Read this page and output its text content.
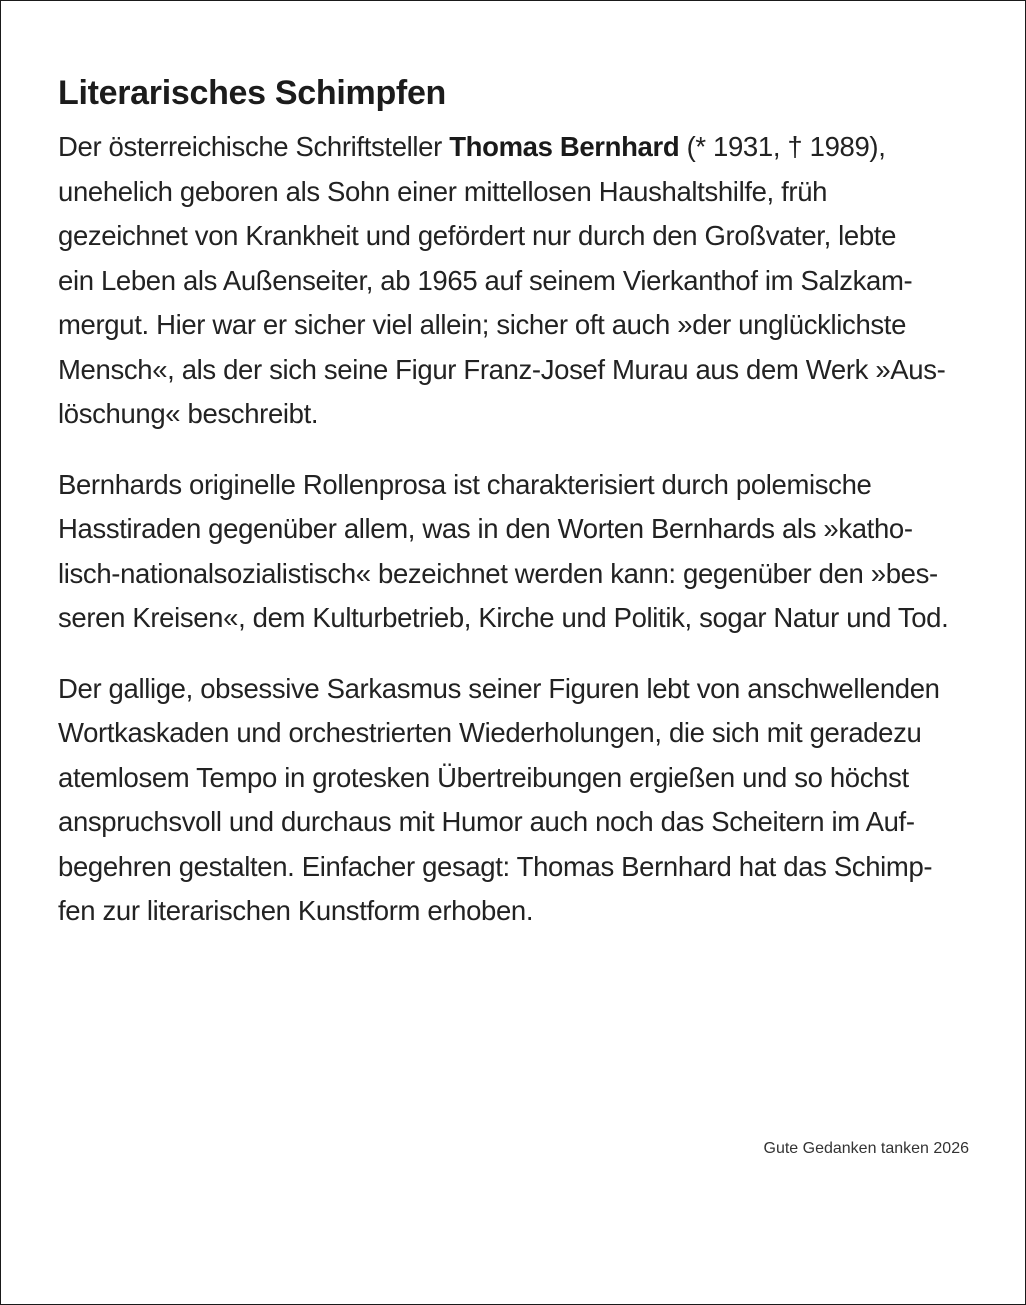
Literarisches Schimpfen
Der österreichische Schriftsteller Thomas Bernhard (* 1931, † 1989),
unehelich geboren als Sohn einer mittellosen Haushaltshilfe, früh
gezeichnet von Krankheit und gefördert nur durch den Großvater, lebte
ein Leben als Außenseiter, ab 1965 auf seinem Vierkanthof im Salzkam-
mergut. Hier war er sicher viel allein; sicher oft auch »der unglücklichste
Mensch«, als der sich seine Figur Franz-Josef Murau aus dem Werk »Aus-
löschung« beschreibt.
Bernhards originelle Rollenprosa ist charakterisiert durch polemische
Hasstiraden gegenüber allem, was in den Worten Bernhards als »katho-
lisch-nationalsozialistisch« bezeichnet werden kann: gegenüber den »bes-
seren Kreisen«, dem Kulturbetrieb, Kirche und Politik, sogar Natur und Tod.
Der gallige, obsessive Sarkasmus seiner Figuren lebt von anschwellenden
Wortkaskaden und orchestrierten Wiederholungen, die sich mit geradezu
atemlosem Tempo in grotesken Übertreibungen ergießen und so höchst
anspruchsvoll und durchaus mit Humor auch noch das Scheitern im Auf-
begehren gestalten. Einfacher gesagt: Thomas Bernhard hat das Schimp-
fen zur literarischen Kunstform erhoben.
Gute Gedanken tanken 2026
